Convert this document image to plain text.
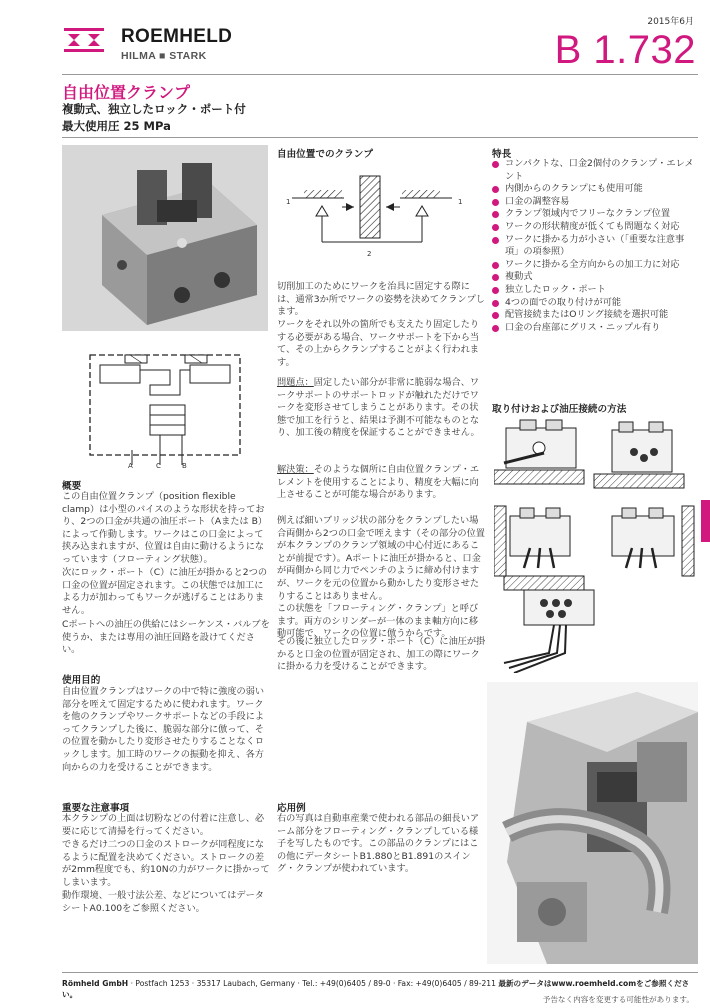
ROEMHELD
HILMA ■ STARK
2015年6月
B 1.732
自由位置クランプ
複動式、独立したロック・ポート付
最大使用圧 25 MPa
A	C	B
概要
この自由位置クランプ（position flexible clamp）は小型のバイスのような形状を持っており、2つの口金が共通の油圧ポート（Aまたは B）によって作動します。ワークはこの口金によって挟み込まれますが、位置は自由に動けるようになっています（フローティング状態）。
次にロック・ポート（C）に油圧が掛かると2つの口金の位置が固定されます。この状態では加工による力が加わってもワークが逃げることはありません。
Cポートへの油圧の供給にはシーケンス・バルブを使うか、または専用の油圧回路を設けてください。
使用目的
自由位置クランプはワークの中で特に強度の弱い部分を咥えて固定するために使われます。ワークを他のクランプやワークサポートなどの手段によってクランプした後に、脆弱な部分に倣って、その位置を動かしたり変形させたりすることなくロックします。加工時のワークの振動を抑え、各方向からの力を受けることができます。
重要な注意事項
本クランプの上面は切粉などの付着に注意し、必要に応じて清掃を行ってください。
できるだけ二つの口金のストロークが同程度になるように配置を決めてください。ストロークの差が2mm程度でも、約10Nの力がワークに掛かってしまいます。
動作環境、一般寸法公差、などについてはデータシートA0.100をご参照ください。
自由位置でのクランプ
1	1
2
切削加工のためにワークを治具に固定する際には、通常3か所でワークの姿勢を決めてクランプします。
ワークをそれ以外の箇所でも支えたり固定したりする必要がある場合、ワークサポートを下から当て、その上からクランプすることがよく行われます。
問題点：固定したい部分が非常に脆弱な場合、ワークサポートのサポートロッドが触れただけでワークを変形させてしまうことがあります。その状態で加工を行うと、結果は予測不可能なものとなり、加工後の精度を保証することができません。
解決策：そのような個所に自由位置クランプ・エレメントを使用することにより、精度を大幅に向上させることが可能な場合があります。
例えば細いブリッジ状の部分をクランプしたい場合両側から2つの口金で咥えます（その部分の位置が本クランプのクランプ領域の中心付近にあることが前提です）。Aポートに油圧が掛かると、口金が両側から同じ力でペンチのように締め付けますが、ワークを元の位置から動かしたり変形させたりすることはありません。
この状態を「フローティング・クランプ」と呼びます。両方のシリンダーが一体のまま軸方向に移動可能で、ワークの位置に倣うからです。
その後に独立したロック・ポート（C）に油圧が掛かると口金の位置が固定され、加工の際にワークに掛かる力を受けることができます。
応用例
右の写真は自動車産業で使われる部品の細長いアーム部分をフローティング・クランプしている様子を写したものです。この部品のクランプにはこの他にデータシートB1.880とB1.891のスイング・クランプが使われています。
特長
コンパクトな、口金2個付のクランプ・エレメント
内側からのクランプにも使用可能
口金の調整容易
クランプ領域内でフリーなクランプ位置
ワークの形状精度が低くても問題なく対応
ワークに掛かる力が小さい（「重要な注意事項」の項参照）
ワークに掛かる全方向からの加工力に対応
複動式
独立したロック・ポート
4つの面での取り付けが可能
配管接続またはOリング接続を選択可能
口金の台座部にグリス・ニップル有り
取り付けおよび油圧接続の方法
Römheld GmbH · Postfach 1253 · 35317 Laubach, Germany · Tel.: +49(0)6405 / 89-0 · Fax: +49(0)6405 / 89-211 最新のデータはwww.roemheld.comをご参照ください。
予告なく内容を変更する可能性があります。
